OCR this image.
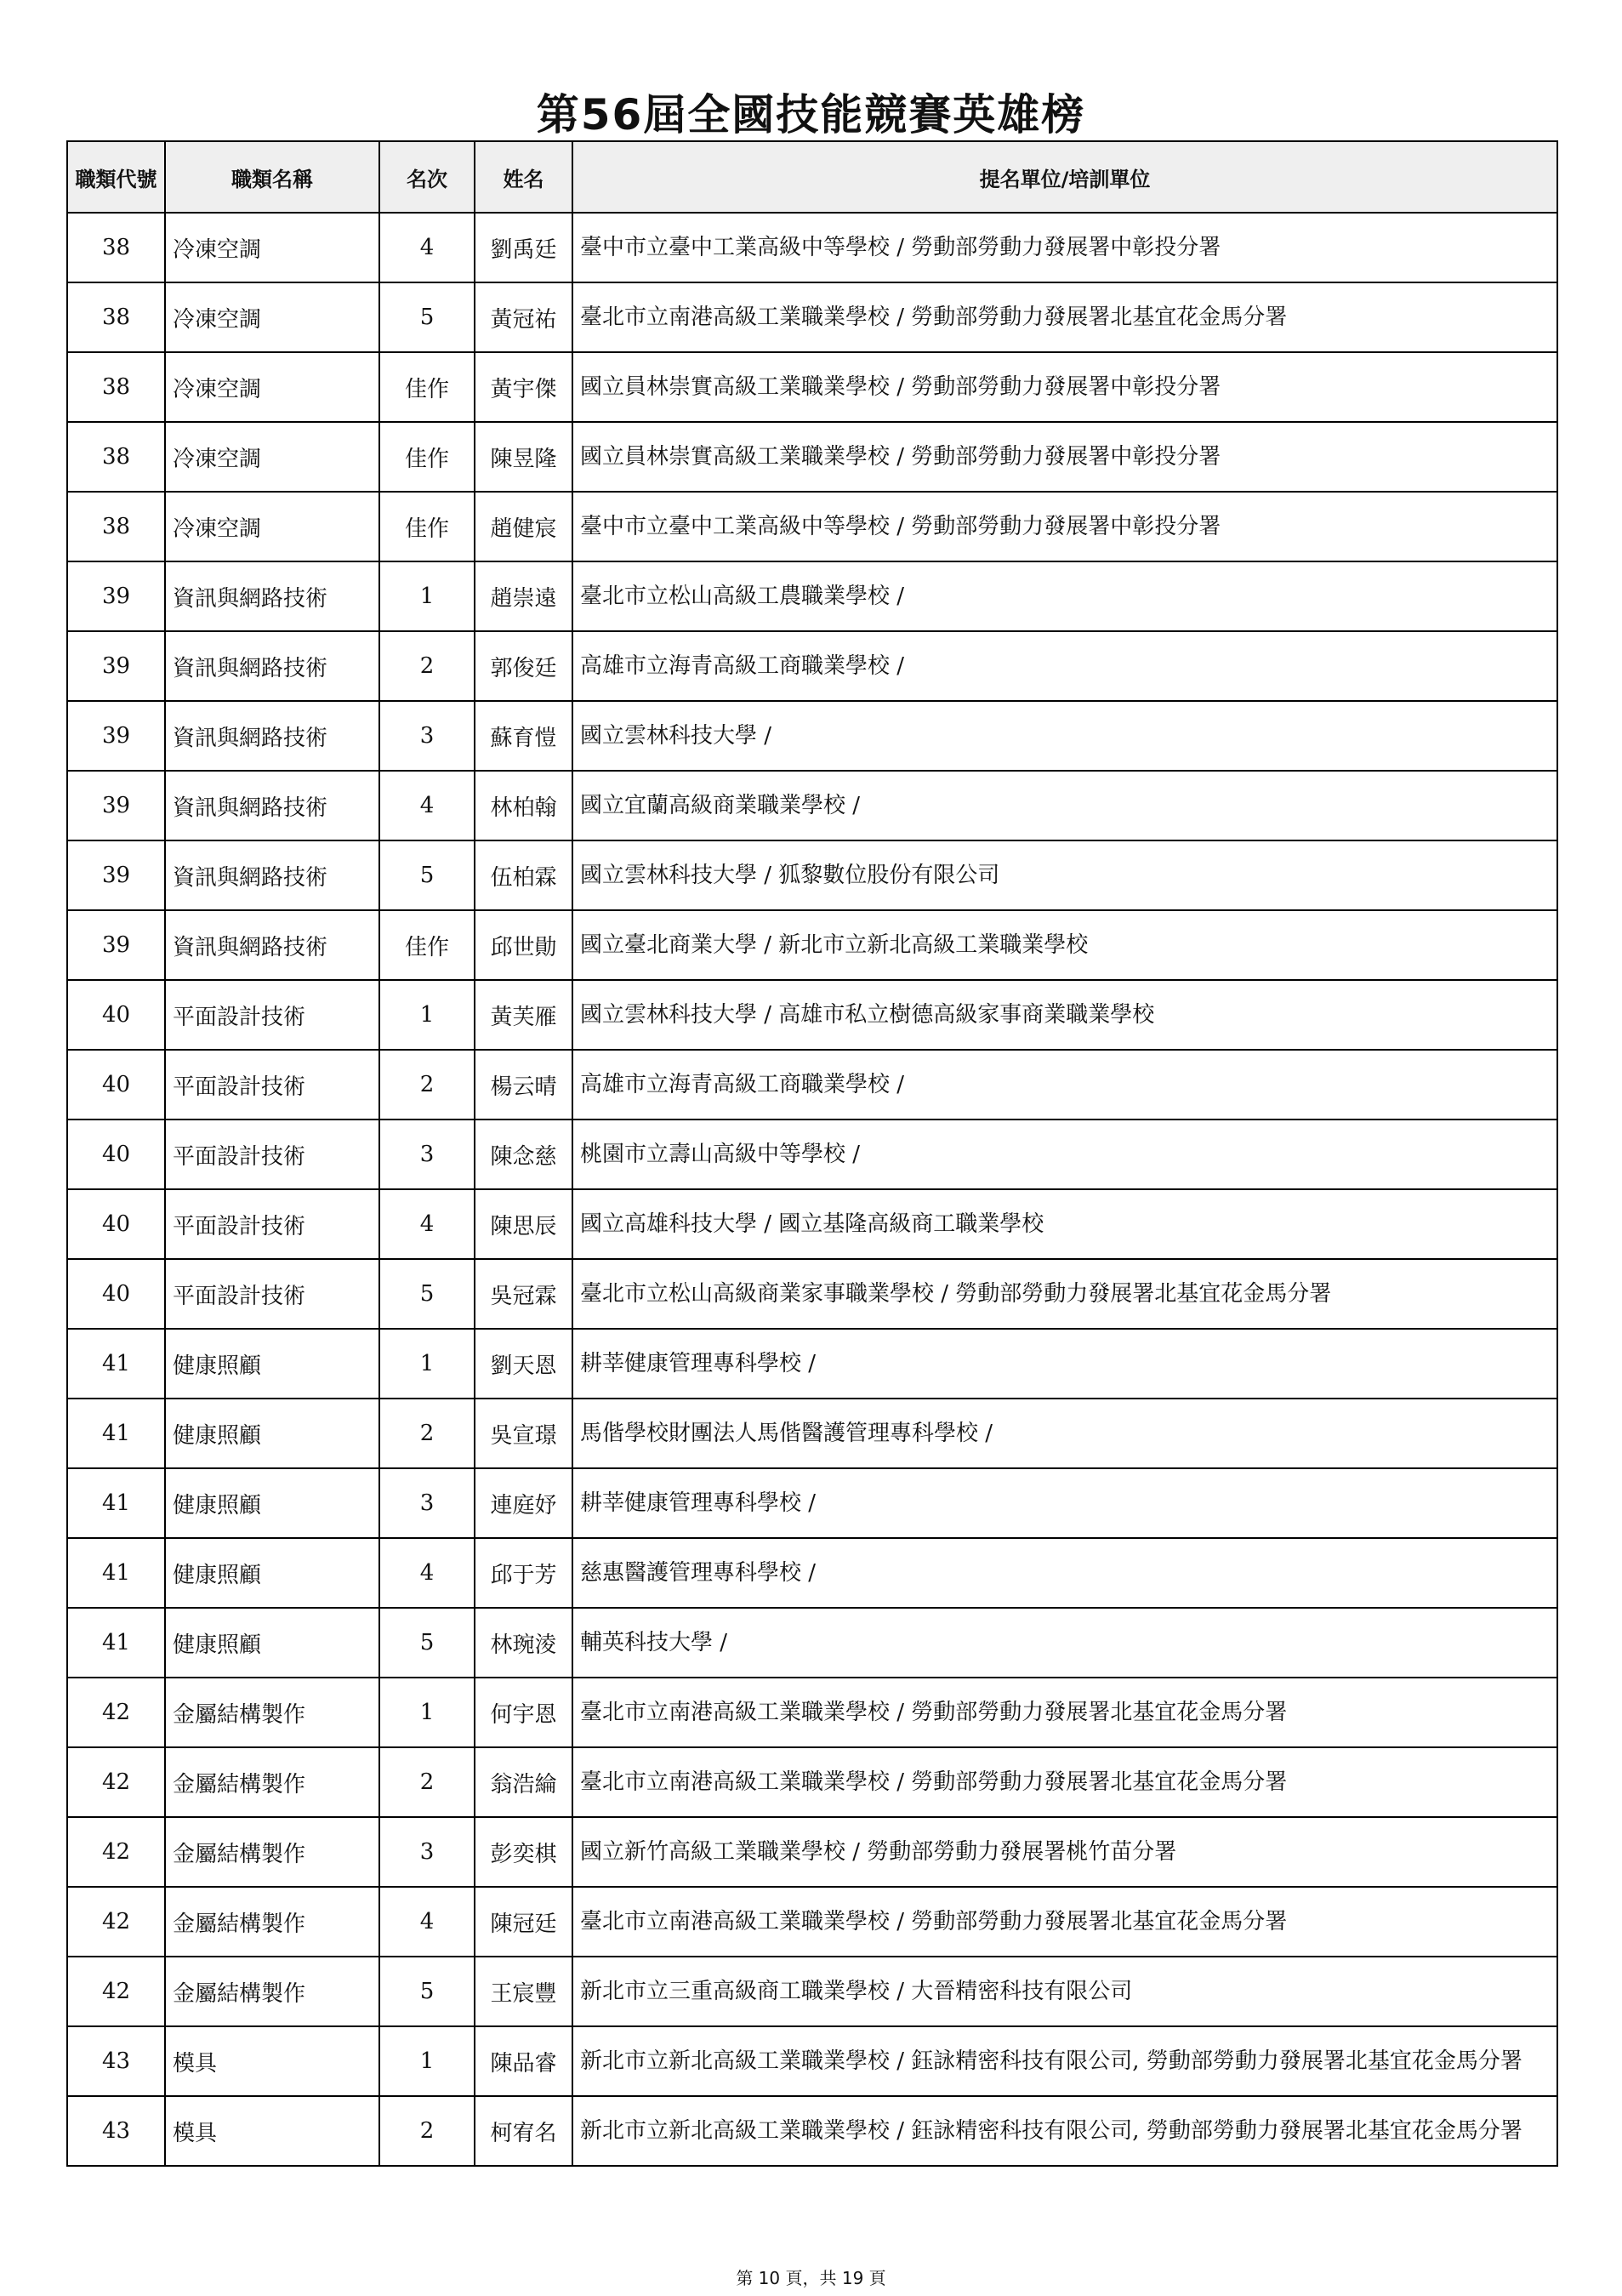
第56屆全國技能競賽英雄榜
職類代號	職類名稱	名次	姓名	提名單位/培訓單位
38	冷凍空調	4	劉禹廷	臺中市立臺中工業高級中等學校 / 勞動部勞動力發展署中彰投分署
38	冷凍空調	5	黃冠祐	臺北市立南港高級工業職業學校 / 勞動部勞動力發展署北基宜花金馬分署
38	冷凍空調	佳作	黃宇傑	國立員林崇實高級工業職業學校 / 勞動部勞動力發展署中彰投分署
38	冷凍空調	佳作	陳昱隆	國立員林崇實高級工業職業學校 / 勞動部勞動力發展署中彰投分署
38	冷凍空調	佳作	趙健宸	臺中市立臺中工業高級中等學校 / 勞動部勞動力發展署中彰投分署
39	資訊與網路技術	1	趙崇遠	臺北市立松山高級工農職業學校 /
39	資訊與網路技術	2	郭俊廷	高雄市立海青高級工商職業學校 /
39	資訊與網路技術	3	蘇育愷	國立雲林科技大學 /
39	資訊與網路技術	4	林柏翰	國立宜蘭高級商業職業學校 /
39	資訊與網路技術	5	伍柏霖	國立雲林科技大學 / 狐黎數位股份有限公司
39	資訊與網路技術	佳作	邱世勛	國立臺北商業大學 / 新北市立新北高級工業職業學校
40	平面設計技術	1	黃芙雁	國立雲林科技大學 / 高雄市私立樹德高級家事商業職業學校
40	平面設計技術	2	楊云晴	高雄市立海青高級工商職業學校 /
40	平面設計技術	3	陳念慈	桃園市立壽山高級中等學校 /
40	平面設計技術	4	陳思辰	國立高雄科技大學 / 國立基隆高級商工職業學校
40	平面設計技術	5	吳冠霖	臺北市立松山高級商業家事職業學校 / 勞動部勞動力發展署北基宜花金馬分署
41	健康照顧	1	劉天恩	耕莘健康管理專科學校 /
41	健康照顧	2	吳宣璟	馬偕學校財團法人馬偕醫護管理專科學校 /
41	健康照顧	3	連庭妤	耕莘健康管理專科學校 /
41	健康照顧	4	邱于芳	慈惠醫護管理專科學校 /
41	健康照顧	5	林琬淩	輔英科技大學 /
42	金屬結構製作	1	何宇恩	臺北市立南港高級工業職業學校 / 勞動部勞動力發展署北基宜花金馬分署
42	金屬結構製作	2	翁浩綸	臺北市立南港高級工業職業學校 / 勞動部勞動力發展署北基宜花金馬分署
42	金屬結構製作	3	彭奕棋	國立新竹高級工業職業學校 / 勞動部勞動力發展署桃竹苗分署
42	金屬結構製作	4	陳冠廷	臺北市立南港高級工業職業學校 / 勞動部勞動力發展署北基宜花金馬分署
42	金屬結構製作	5	王宸豐	新北市立三重高級商工職業學校 / 大晉精密科技有限公司
43	模具	1	陳品睿	新北市立新北高級工業職業學校 / 鈺詠精密科技有限公司, 勞動部勞動力發展署北基宜花金馬分署
43	模具	2	柯宥名	新北市立新北高級工業職業學校 / 鈺詠精密科技有限公司, 勞動部勞動力發展署北基宜花金馬分署
第 10 頁，共 19 頁
